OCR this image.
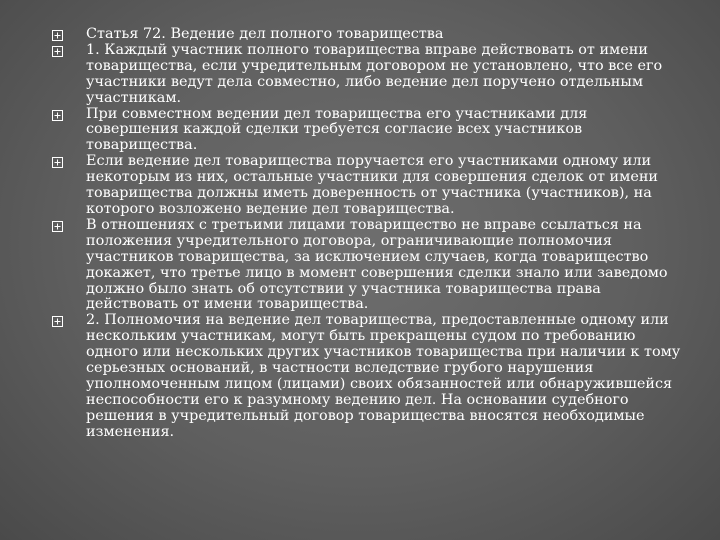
Статья 72. Ведение дел полного товарищества
1. Каждый участник полного товарищества вправе действовать от имени товарищества, если учредительным договором не установлено, что все его участники ведут дела совместно, либо ведение дел поручено отдельным участникам.
При совместном ведении дел товарищества его участниками для совершения каждой сделки требуется согласие всех участников товарищества.
Если ведение дел товарищества поручается его участниками одному или некоторым из них, остальные участники для совершения сделок от имени товарищества должны иметь доверенность от участника (участников), на которого возложено ведение дел товарищества.
В отношениях с третьими лицами товарищество не вправе ссылаться на положения учредительного договора, ограничивающие полномочия участников товарищества, за исключением случаев, когда товарищество докажет, что третье лицо в момент совершения сделки знало или заведомо должно было знать об отсутствии у участника товарищества права действовать от имени товарищества.
2. Полномочия на ведение дел товарищества, предоставленные одному или нескольким участникам, могут быть прекращены судом по требованию одного или нескольких других участников товарищества при наличии к тому серьезных оснований, в частности вследствие грубого нарушения уполномоченным лицом (лицами) своих обязанностей или обнаружившейся неспособности его к разумному ведению дел. На основании судебного решения в учредительный договор товарищества вносятся необходимые изменения.
